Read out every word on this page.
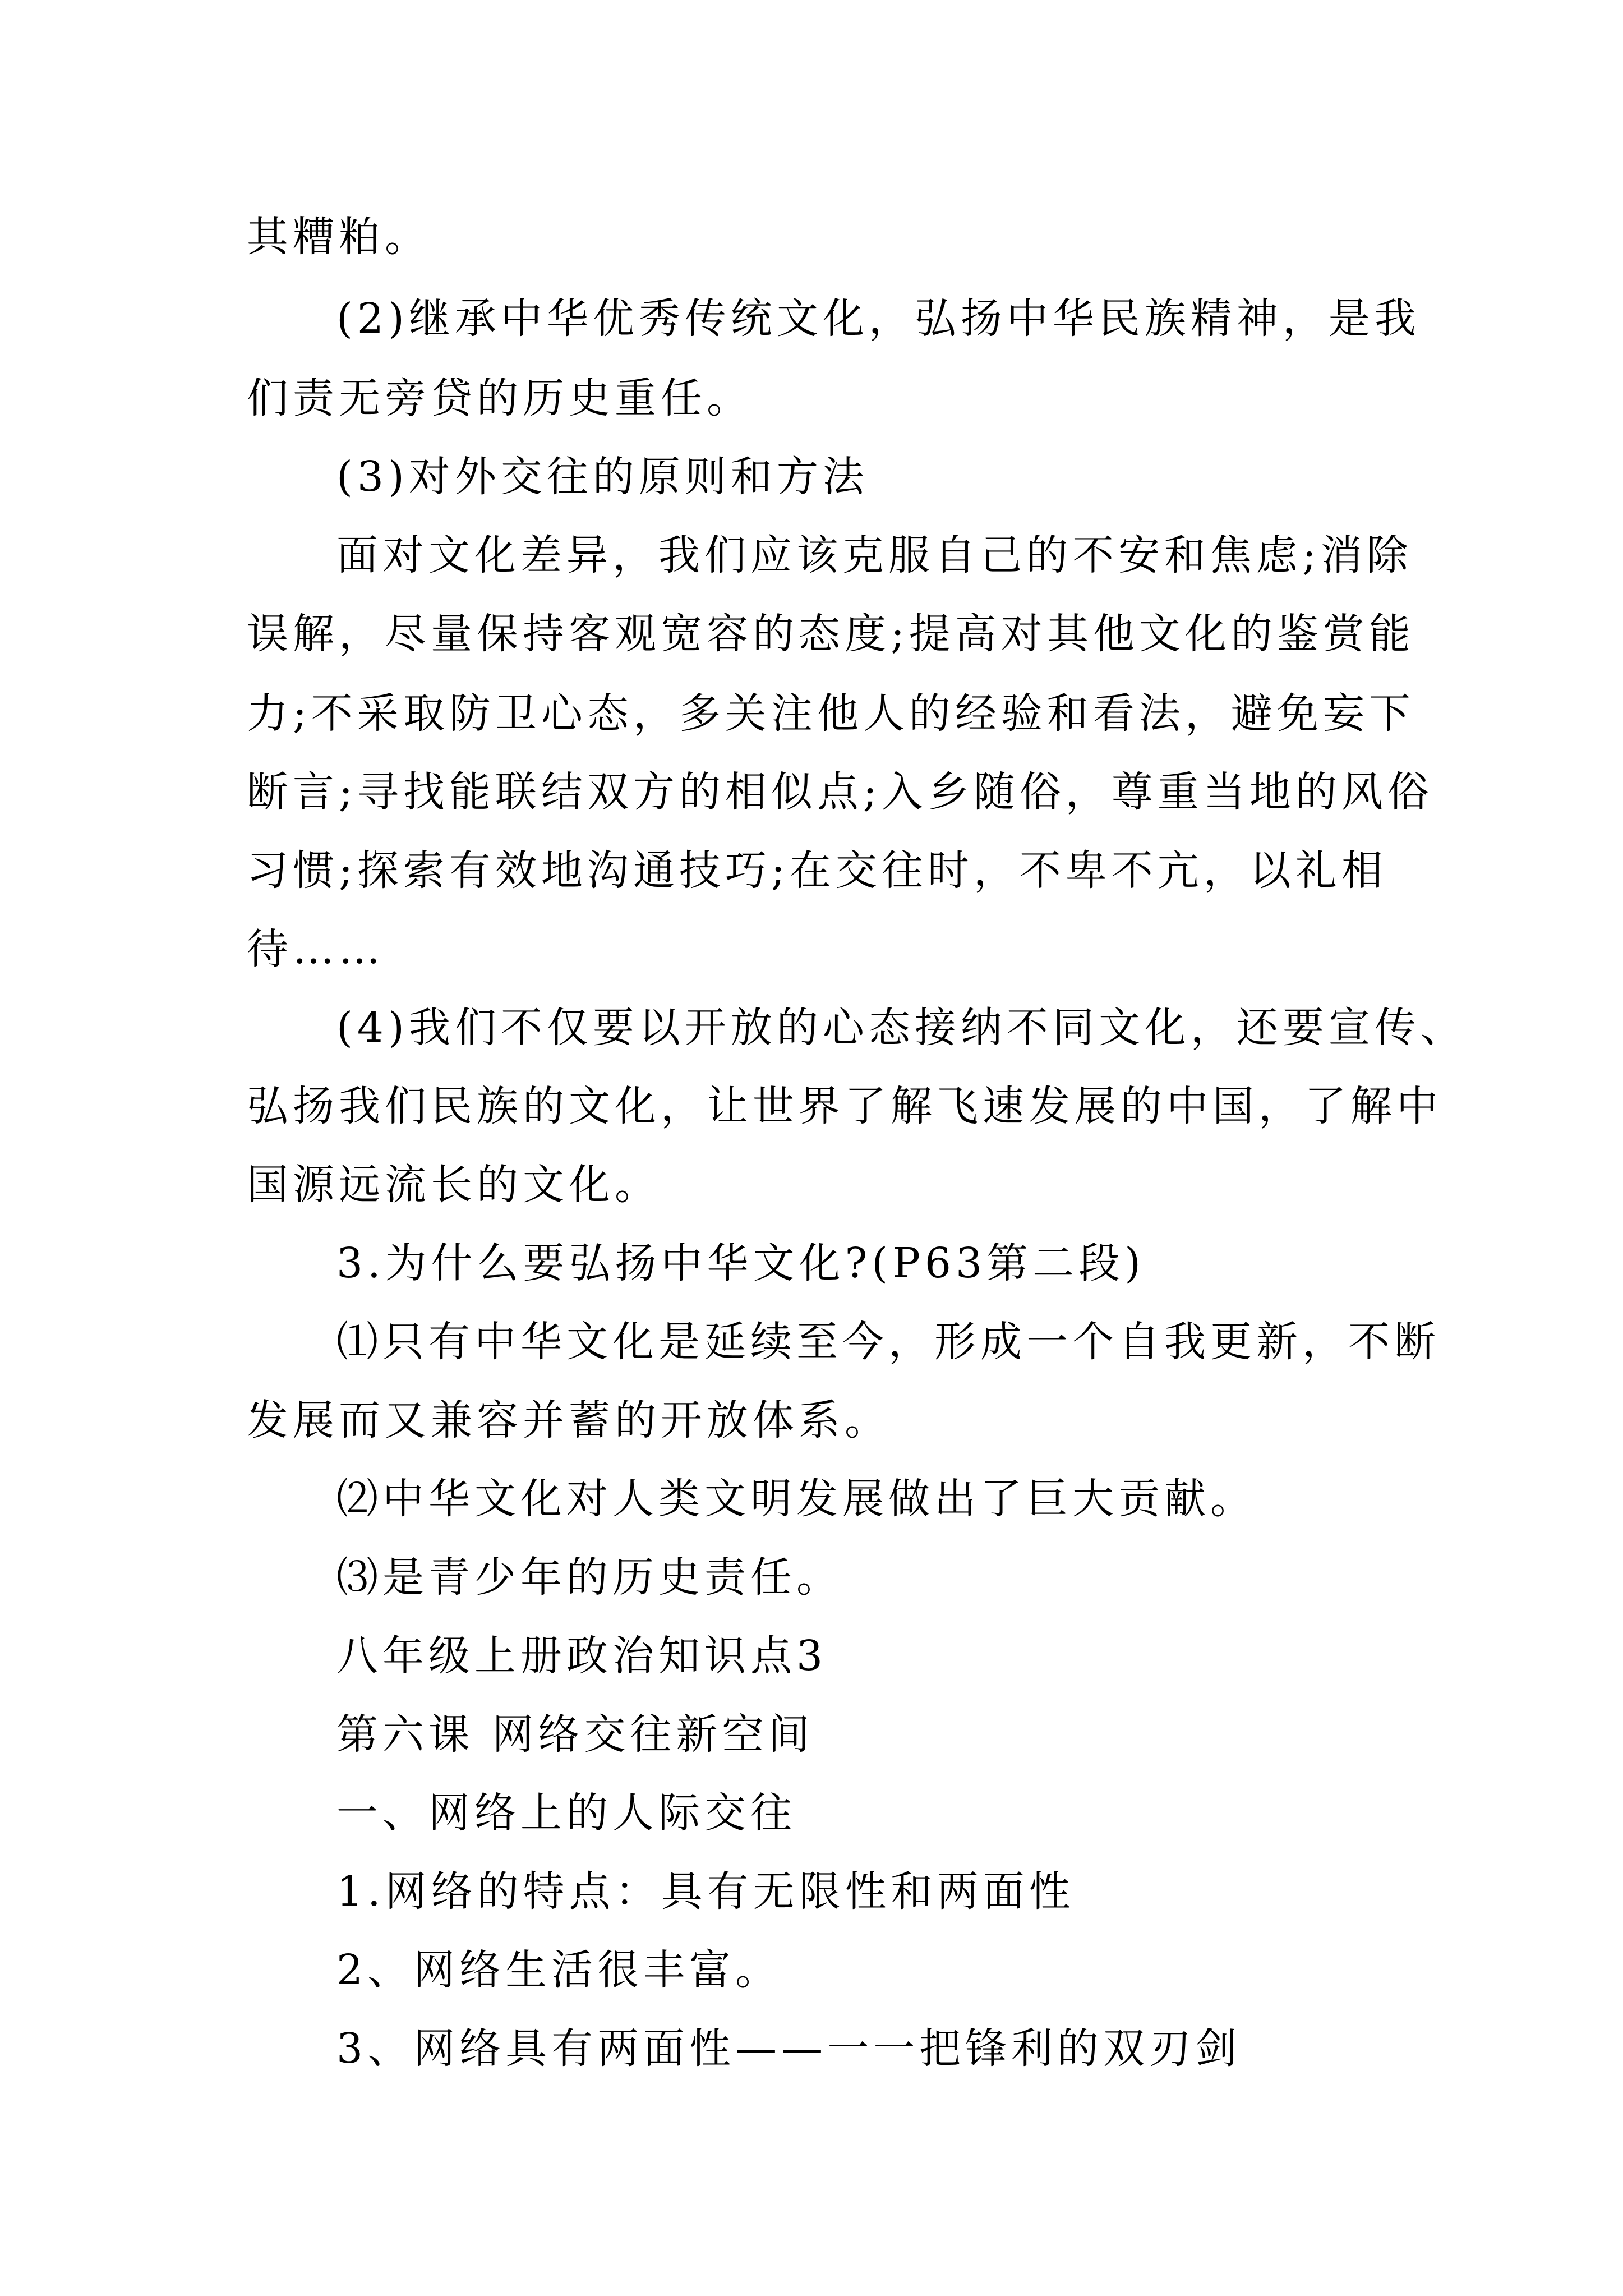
其糟粕。
(2)继承中华优秀传统文化，弘扬中华民族精神，是我
们责无旁贷的历史重任。
(3)对外交往的原则和方法
面对文化差异，我们应该克服自己的不安和焦虑;消除
误解，尽量保持客观宽容的态度;提高对其他文化的鉴赏能
力;不采取防卫心态，多关注他人的经验和看法，避免妄下
断言;寻找能联结双方的相似点;入乡随俗，尊重当地的风俗
习惯;探索有效地沟通技巧;在交往时，不卑不亢，以礼相
待……
(4)我们不仅要以开放的心态接纳不同文化，还要宣传、
弘扬我们民族的文化，让世界了解飞速发展的中国，了解中
国源远流长的文化。
3.为什么要弘扬中华文化?(P63第二段)
⑴只有中华文化是延续至今，形成一个自我更新，不断
发展而又兼容并蓄的开放体系。
⑵中华文化对人类文明发展做出了巨大贡献。
⑶是青少年的历史责任。
八年级上册政治知识点3
第六课 网络交往新空间
一、网络上的人际交往
1.网络的特点：具有无限性和两面性
2、网络生活很丰富。
3、网络具有两面性——一一把锋利的双刃剑
